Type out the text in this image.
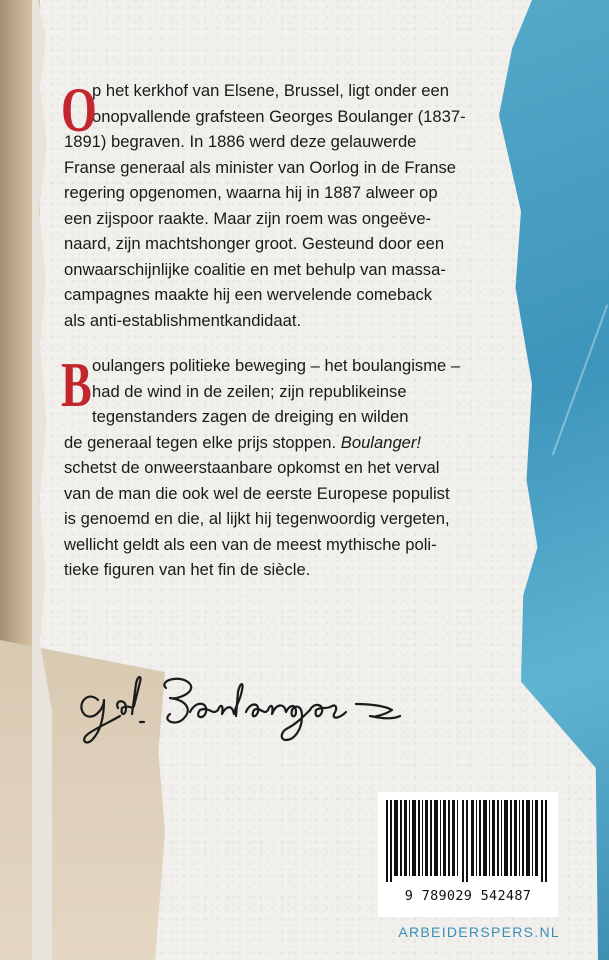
O
p het kerkhof van Elsene, Brussel, ligt onder een
onopvallende grafsteen Georges Boulanger (1837-
1891) begraven. In 1886 werd deze gelauwerde
Franse generaal als minister van Oorlog in de Franse
regering opgenomen, waarna hij in 1887 alweer op
een zijspoor raakte. Maar zijn roem was ongeëve-
naard, zijn machtshonger groot. Gesteund door een
onwaarschijnlijke coalitie en met behulp van massa-
campagnes maakte hij een wervelende comeback
als anti-establishmentkandidaat.
B oulangers politieke beweging – het boulangisme –
had de wind in de zeilen; zijn republikeinse
tegenstanders zagen de dreiging en wilden
de generaal tegen elke prijs stoppen. Boulanger!
schetst de onweerstaanbare opkomst en het verval
van de man die ook wel de eerste Europese populist
is genoemd en die, al lijkt hij tegenwoordig vergeten,
wellicht geldt als een van de meest mythische poli-
tieke figuren van het fin de siècle.
9 789029 542487
ARBEIDERSPERS.NL
